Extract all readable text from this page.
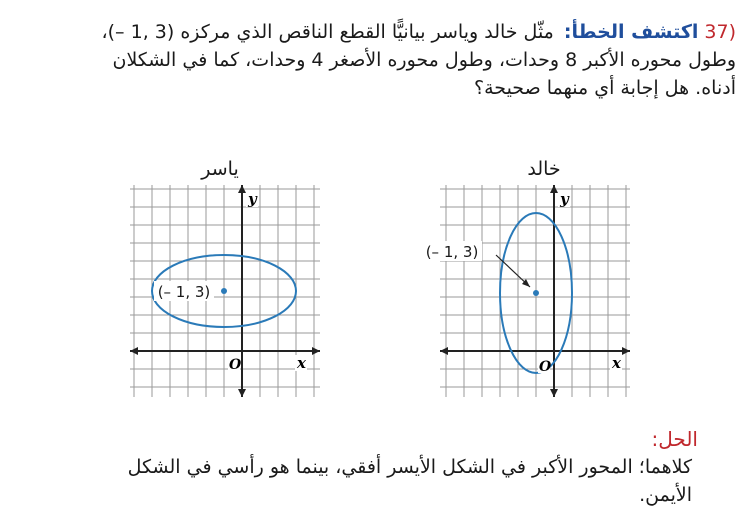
37)اكتشف الخطأ: مثّل خالد وياسر بيانيًّا القطع الناقص الذي مركزه (3 ,1 –)، وطول محوره الأكبر 8 وحدات، وطول محوره الأصغر 4 وحدات، كما في الشكلان أدناه. هل إجابة أي منهما صحيحة؟
ياسر
(– 1, 3)
y
x
O
خالد
(– 1, 3)
y
x
O
الحل:
كلاهما؛ المحور الأكبر في الشكل الأيسر أفقي، بينما هو رأسي في الشكل الأيمن.
